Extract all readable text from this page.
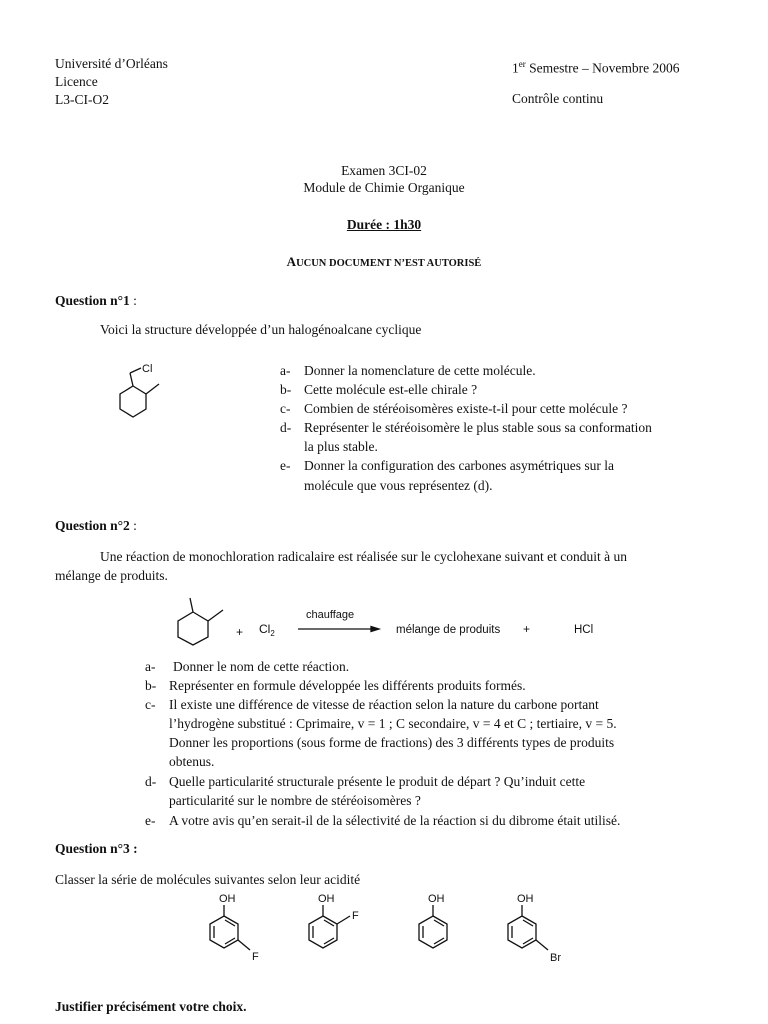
Université d’Orléans
Licence
L3-CI-O2
1er Semestre – Novembre 2006
Contrôle continu
Examen 3CI-02
Module de Chimie Organique
Durée : 1h30
AUCUN DOCUMENT N’EST AUTORISÉ
Question n°1 :
Voici la structure développée d’un halogénoalcane cyclique
Cl	a- Donner la nomenclature de cette molécule.
b- Cette molécule est-elle chirale ?
c- Combien de stéréoisomères existe-t-il pour cette molécule ?
d- Représenter le stéréoisomère le plus stable sous sa conformation
la plus stable.
e- Donner la configuration des carbones asymétriques sur la
molécule que vous représentez (d).
Question n°2 :
Une réaction de monochloration radicalaire est réalisée sur le cyclohexane suivant et conduit à un
mélange de produits.
+ $Cl_2$
chauffage
mélange de produits +	HCl
a- Donner le nom de cette réaction.
b- Représenter en formule développée les différents produits formés.
c- Il existe une différence de vitesse de réaction selon la nature du carbone portant
l’hydrogène substitué : Cprimaire, v = 1 ; C secondaire, v = 4 et C ; tertiaire, v = 5.
Donner les proportions (sous forme de fractions) des 3 différents types de produits
obtenus.
d- Quelle particularité structurale présente le produit de départ ? Qu’induit cette
particularité sur le nombre de stéréoisomères ?
e- A votre avis qu’en serait-il de la sélectivité de la réaction si du dibrome était utilisé.
Question n°3 :
Classer la série de molécules suivantes selon leur acidité
OH
F
OH
F
OH	OH
Br
Justifier précisément votre choix.
